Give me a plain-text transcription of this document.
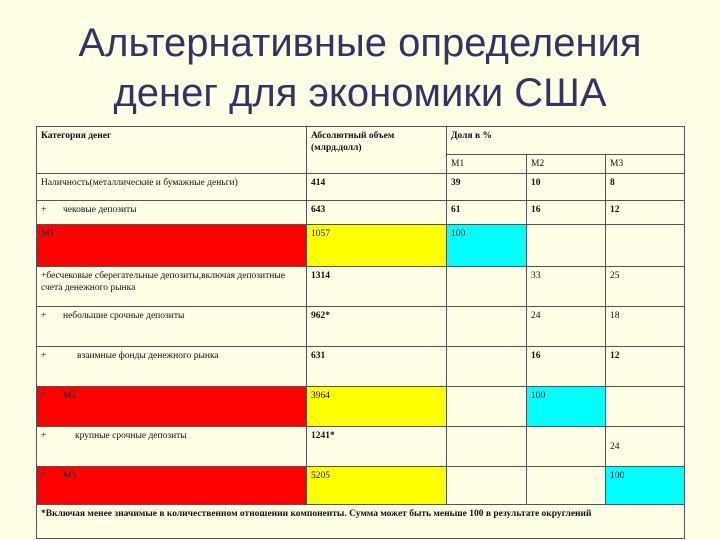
Альтернативные определения
денег для экономики США
Категория денег	Абсолютный объем (млрд.долл)	Доля в %		
		М1	М2	М3
Наличность(металлические и бумажные деньги)	414	39	10	8
+ чековые депозиты	643	61	16	12
М1	1057	100		
+бесчековые сберегательные депозиты,включая депозитные счета денежного рынка	1314		33	25
+ небольшие срочные депозиты	962*		24	18
+ взаимные фонды денежного рынка	631		16	12
= М2	3964		100	
+ крупные срочные депозиты	1241*			24
= М3	5205			100
*Включая менее значимые в количественном отношении компоненты. Сумма может быть меньше 100 в результате округлений				
